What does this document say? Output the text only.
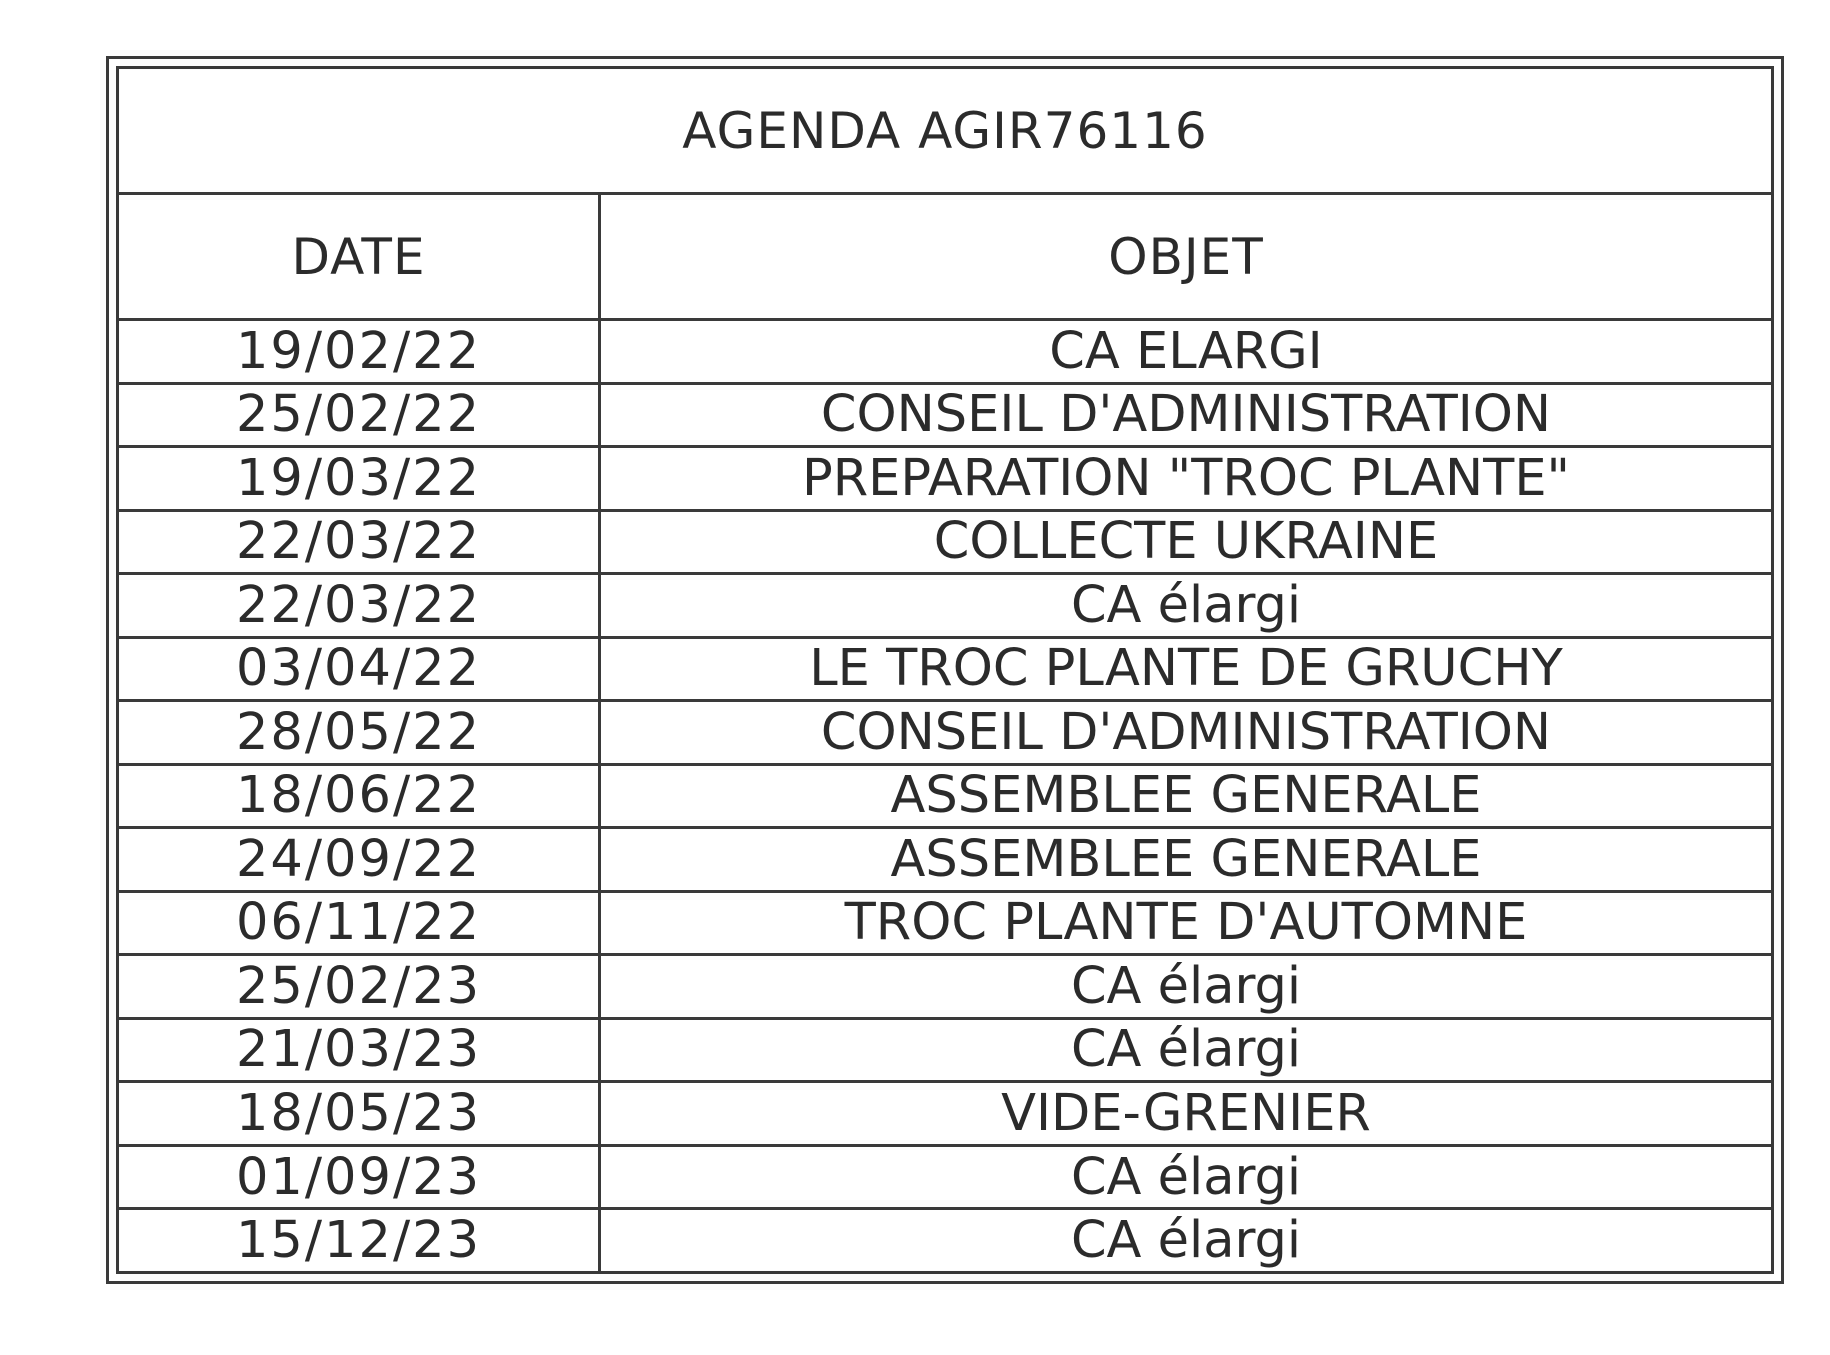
AGENDA AGIR76116	
DATE	OBJET
19/02/22	CA ELARGI
25/02/22	CONSEIL D'ADMINISTRATION
19/03/22	PREPARATION "TROC PLANTE"
22/03/22	COLLECTE UKRAINE
22/03/22	CA élargi
03/04/22	LE TROC PLANTE DE GRUCHY
28/05/22	CONSEIL D'ADMINISTRATION
18/06/22	ASSEMBLEE GENERALE
24/09/22	ASSEMBLEE GENERALE
06/11/22	TROC PLANTE D'AUTOMNE
25/02/23	CA élargi
21/03/23	CA élargi
18/05/23	VIDE-GRENIER
01/09/23	CA élargi
15/12/23	CA élargi
